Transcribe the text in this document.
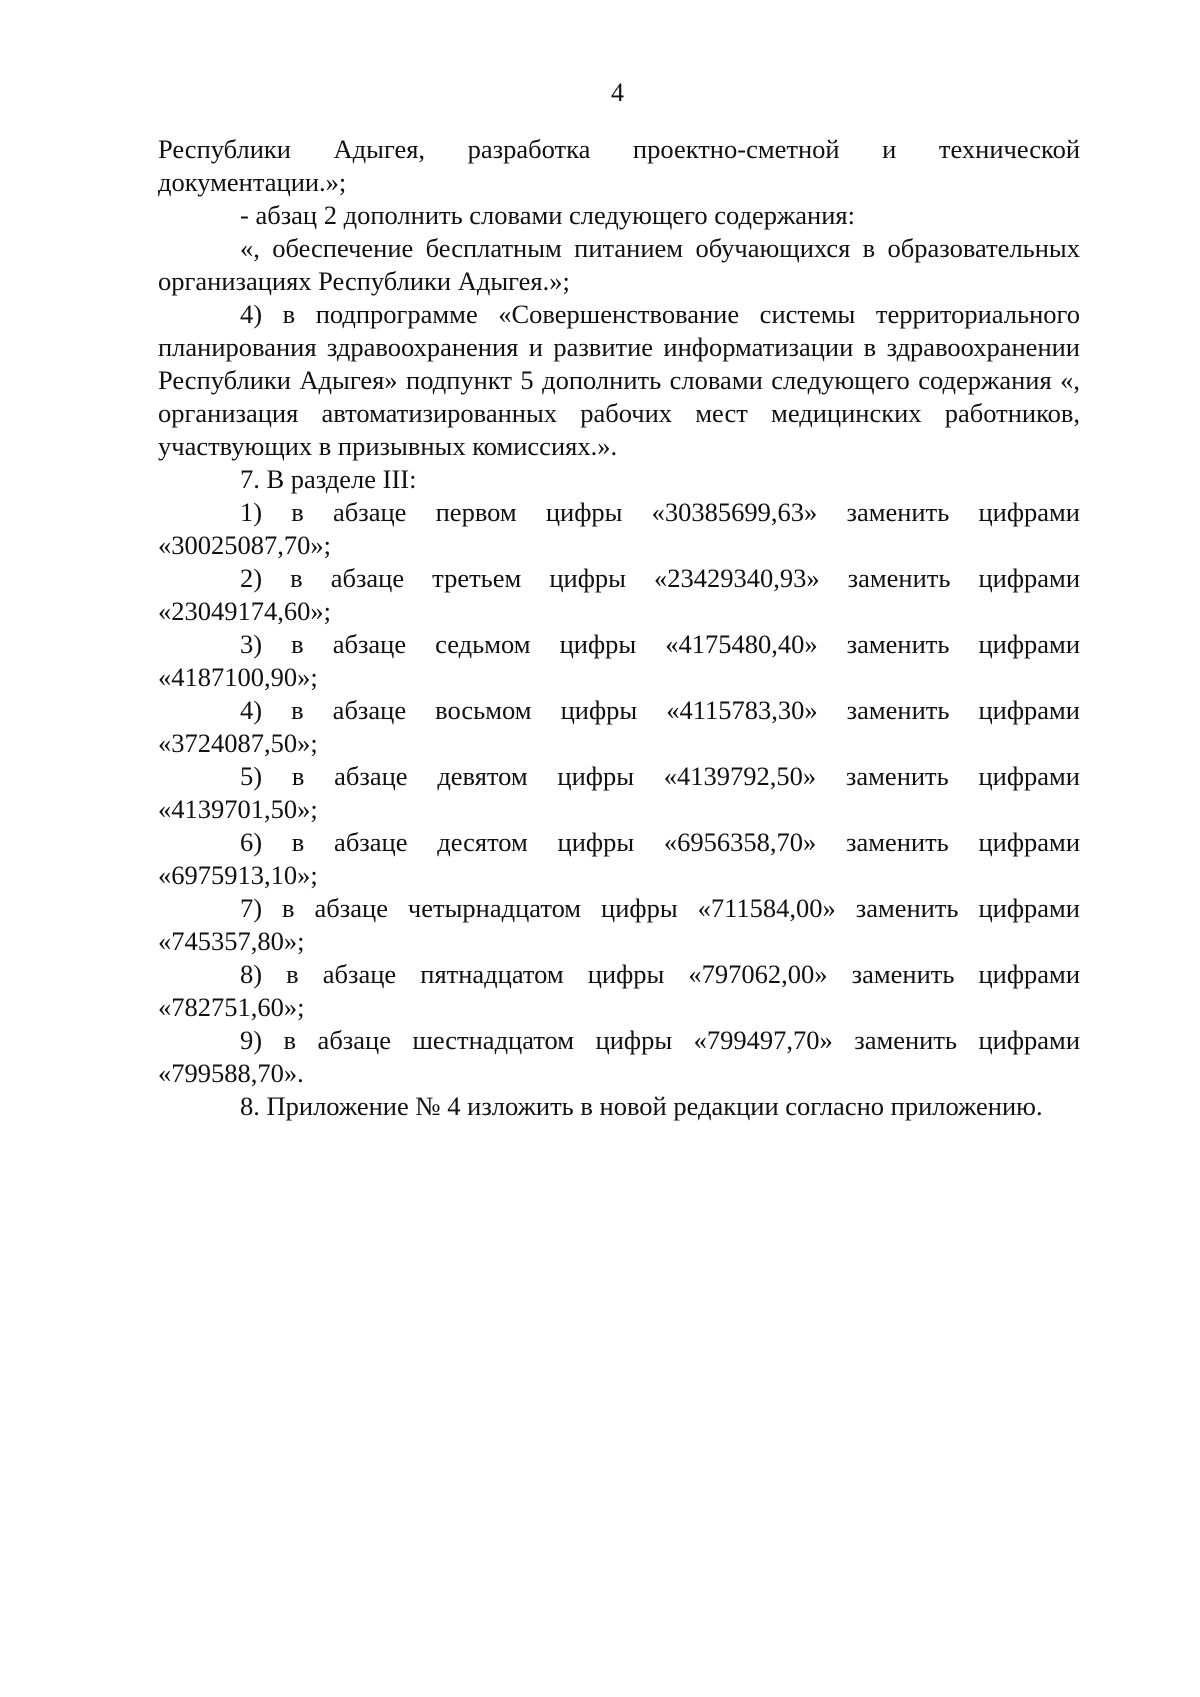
4

Республики Адыгея, разработка проектно-сметной и технической документации.»;

- абзац 2 дополнить словами следующего содержания:

«, обеспечение бесплатным питанием обучающихся в образовательных организациях Республики Адыгея.»;

4) в подпрограмме «Совершенствование системы территориального планирования здравоохранения и развитие информатизации в здравоохранении Республики Адыгея» подпункт 5 дополнить словами следующего содержания «, организация автоматизированных рабочих мест медицинских работников, участвующих в призывных комиссиях.».

7. В разделе III:

1) в абзаце первом цифры «30385699,63» заменить цифрами «30025087,70»;

2) в абзаце третьем цифры «23429340,93» заменить цифрами «23049174,60»;

3) в абзаце седьмом цифры «4175480,40» заменить цифрами «4187100,90»;

4) в абзаце восьмом цифры «4115783,30» заменить цифрами «3724087,50»;

5) в абзаце девятом цифры «4139792,50» заменить цифрами «4139701,50»;

6) в абзаце десятом цифры «6956358,70» заменить цифрами «6975913,10»;

7) в абзаце четырнадцатом цифры «711584,00» заменить цифрами «745357,80»;

8) в абзаце пятнадцатом цифры «797062,00» заменить цифрами «782751,60»;

9) в абзаце шестнадцатом цифры «799497,70» заменить цифрами «799588,70».

8. Приложение № 4 изложить в новой редакции согласно приложению.
